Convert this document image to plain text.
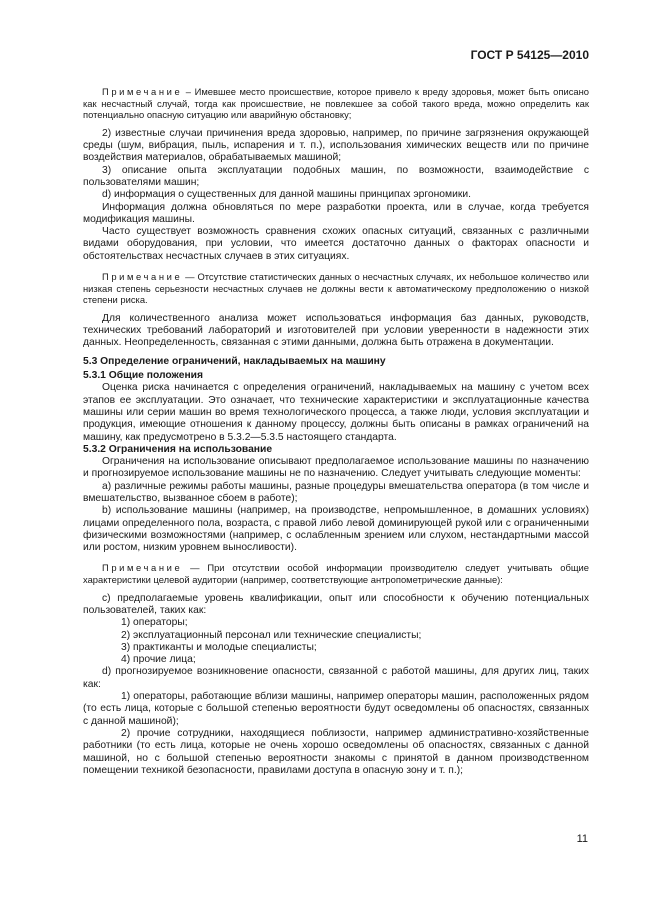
ГОСТ Р 54125—2010

Примечание – Имевшее место происшествие, которое привело к вреду здоровья, может быть описано как несчастный случай, тогда как происшествие, не повлекшее за собой такого вреда, можно определить как потенциально опасную ситуацию или аварийную обстановку;

2) известные случаи причинения вреда здоровью, например, по причине загрязнения окружающей среды (шум, вибрация, пыль, испарения и т. п.), использования химических веществ или по причине воздействия материалов, обрабатываемых машиной;

3) описание опыта эксплуатации подобных машин, по возможности, взаимодействие с пользователями машин;

d) информация о существенных для данной машины принципах эргономики.

Информация должна обновляться по мере разработки проекта, или в случае, когда требуется модификация машины.

Часто существует возможность сравнения схожих опасных ситуаций, связанных с различными видами оборудования, при условии, что имеется достаточно данных о факторах опасности и обстоятельствах несчастных случаев в этих ситуациях.

Примечание — Отсутствие статистических данных о несчастных случаях, их небольшое количество или низкая степень серьезности несчастных случаев не должны вести к автоматическому предположению о низкой степени риска.

Для количественного анализа может использоваться информация баз данных, руководств, технических требований лабораторий и изготовителей при условии уверенности в надежности этих данных. Неопределенность, связанная с этими данными, должна быть отражена в документации.

5.3 Определение ограничений, накладываемых на машину

5.3.1 Общие положения

Оценка риска начинается с определения ограничений, накладываемых на машину с учетом всех этапов ее эксплуатации. Это означает, что технические характеристики и эксплуатационные качества машины или серии машин во время технологического процесса, а также люди, условия эксплуатации и продукция, имеющие отношения к данному процессу, должны быть описаны в рамках ограничений на машину, как предусмотрено в 5.3.2—5.3.5 настоящего стандарта.

5.3.2 Ограничения на использование

Ограничения на использование описывают предполагаемое использование машины по назначению и прогнозируемое использование машины не по назначению. Следует учитывать следующие моменты:

a) различные режимы работы машины, разные процедуры вмешательства оператора (в том числе и вмешательство, вызванное сбоем в работе);

b) использование машины (например, на производстве, непромышленное, в домашних условиях) лицами определенного пола, возраста, с правой либо левой доминирующей рукой или с ограниченными физическими возможностями (например, с ослабленным зрением или слухом, нестандартными массой или ростом, низким уровнем выносливости).

Примечание — При отсутствии особой информации производителю следует учитывать общие характеристики целевой аудитории (например, соответствующие антропометрические данные):

c) предполагаемые уровень квалификации, опыт или способности к обучению потенциальных пользователей, таких как:

1) операторы;

2) эксплуатационный персонал или технические специалисты;

3) практиканты и молодые специалисты;

4) прочие лица;

d) прогнозируемое возникновение опасности, связанной с работой машины, для других лиц, таких как:

1) операторы, работающие вблизи машины, например операторы машин, расположенных рядом (то есть лица, которые с большой степенью вероятности будут осведомлены об опасностях, связанных с данной машиной);

2) прочие сотрудники, находящиеся поблизости, например административно-хозяйственные работники (то есть лица, которые не очень хорошо осведомлены об опасностях, связанных с данной машиной, но с большой степенью вероятности знакомы с принятой в данном производственном помещении техникой безопасности, правилами доступа в опасную зону и т. п.);

11
